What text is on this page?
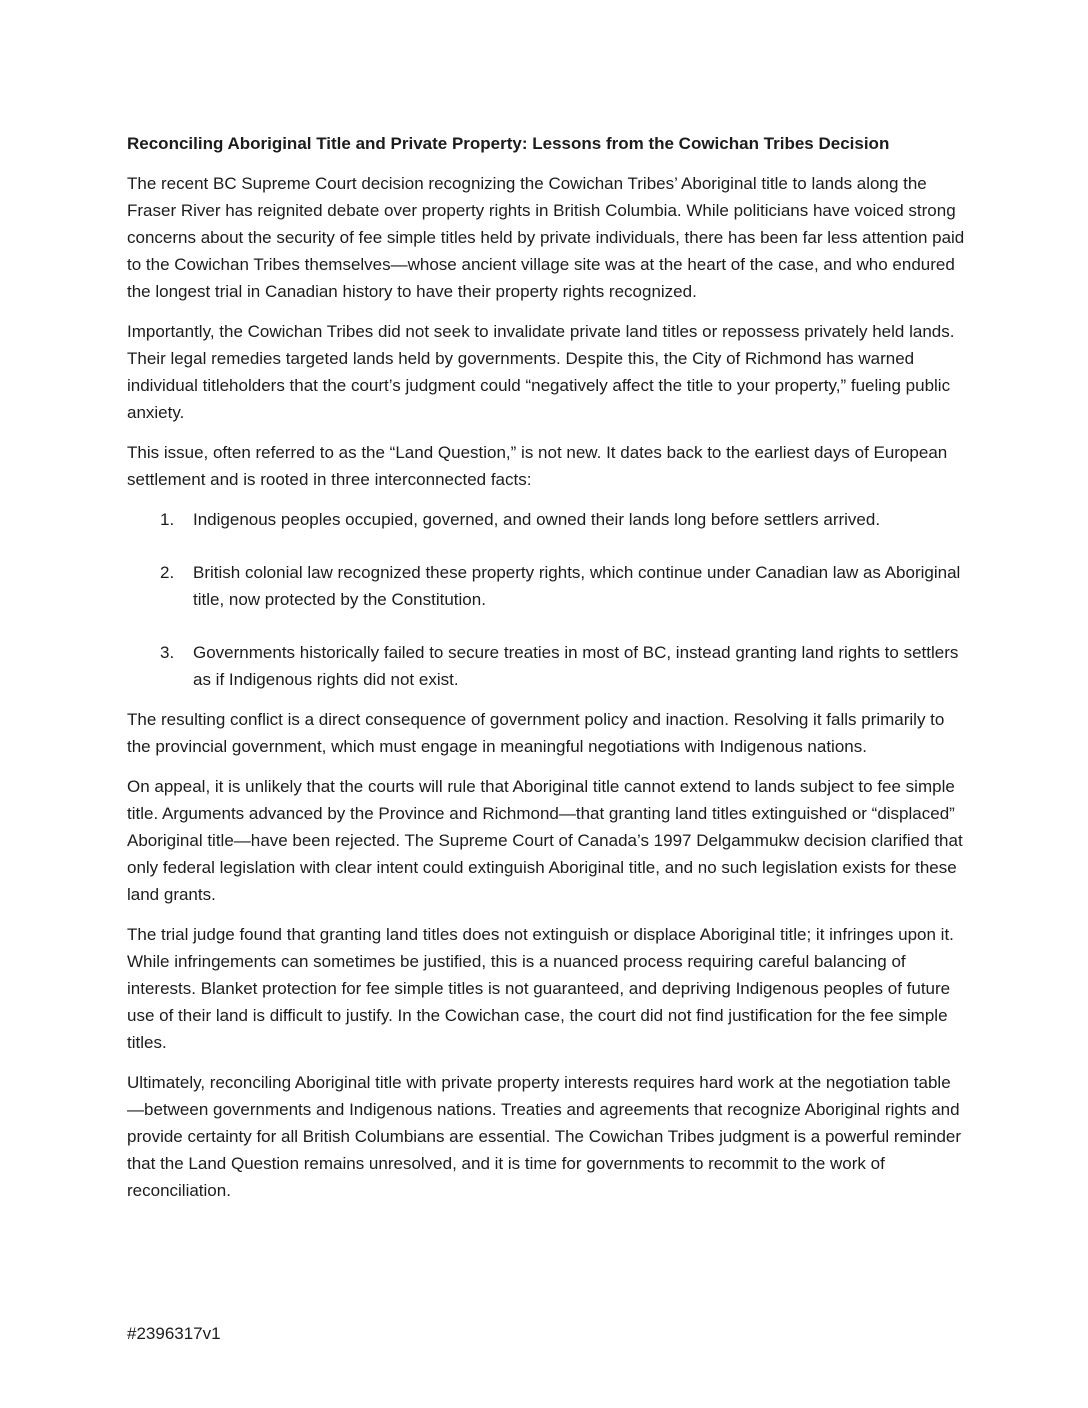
Reconciling Aboriginal Title and Private Property: Lessons from the Cowichan Tribes Decision

The recent BC Supreme Court decision recognizing the Cowichan Tribes’ Aboriginal title to lands along the Fraser River has reignited debate over property rights in British Columbia. While politicians have voiced strong concerns about the security of fee simple titles held by private individuals, there has been far less attention paid to the Cowichan Tribes themselves—whose ancient village site was at the heart of the case, and who endured the longest trial in Canadian history to have their property rights recognized.

Importantly, the Cowichan Tribes did not seek to invalidate private land titles or repossess privately held lands. Their legal remedies targeted lands held by governments. Despite this, the City of Richmond has warned individual titleholders that the court’s judgment could “negatively affect the title to your property,” fueling public anxiety.

This issue, often referred to as the “Land Question,” is not new. It dates back to the earliest days of European settlement and is rooted in three interconnected facts:

1.	Indigenous peoples occupied, governed, and owned their lands long before settlers arrived.
2.	British colonial law recognized these property rights, which continue under Canadian law as Aboriginal title, now protected by the Constitution.
3.	Governments historically failed to secure treaties in most of BC, instead granting land rights to settlers as if Indigenous rights did not exist.

The resulting conflict is a direct consequence of government policy and inaction. Resolving it falls primarily to the provincial government, which must engage in meaningful negotiations with Indigenous nations.

On appeal, it is unlikely that the courts will rule that Aboriginal title cannot extend to lands subject to fee simple title. Arguments advanced by the Province and Richmond—that granting land titles extinguished or “displaced” Aboriginal title—have been rejected. The Supreme Court of Canada’s 1997 Delgammukw decision clarified that only federal legislation with clear intent could extinguish Aboriginal title, and no such legislation exists for these land grants.

The trial judge found that granting land titles does not extinguish or displace Aboriginal title; it infringes upon it. While infringements can sometimes be justified, this is a nuanced process requiring careful balancing of interests. Blanket protection for fee simple titles is not guaranteed, and depriving Indigenous peoples of future use of their land is difficult to justify. In the Cowichan case, the court did not find justification for the fee simple titles.

Ultimately, reconciling Aboriginal title with private property interests requires hard work at the negotiation table—between governments and Indigenous nations. Treaties and agreements that recognize Aboriginal rights and provide certainty for all British Columbians are essential. The Cowichan Tribes judgment is a powerful reminder that the Land Question remains unresolved, and it is time for governments to recommit to the work of reconciliation.

#2396317v1
